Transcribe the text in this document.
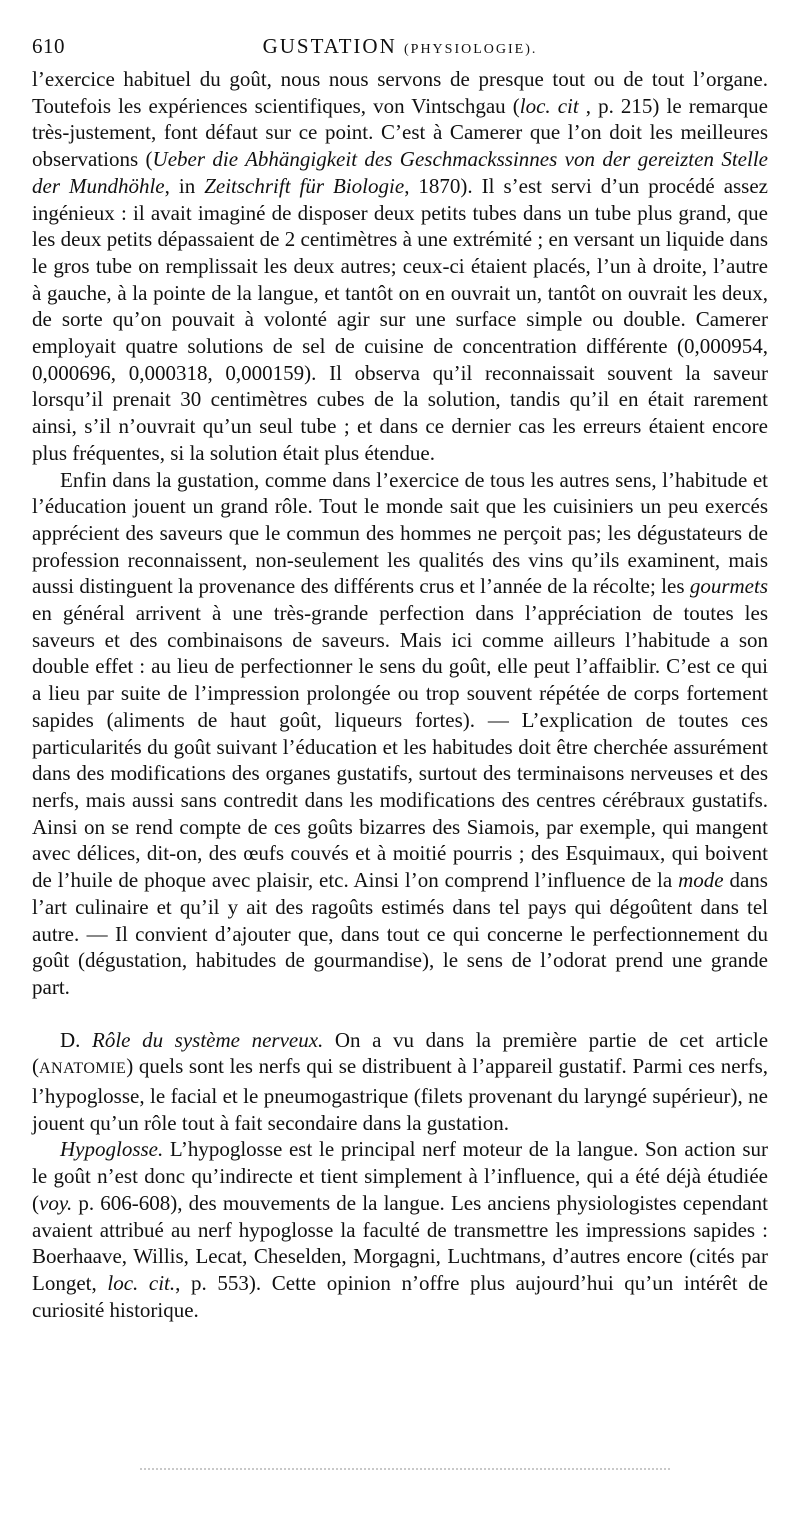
610	GUSTATION (PHYSIOLOGIE).

l’exercice habituel du goût, nous nous servons de presque tout ou de tout l’organe. Toutefois les expériences scientifiques, von Vintschgau (loc. cit , p. 215) le remarque très-justement, font défaut sur ce point. C’est à Camerer que l’on doit les meilleures observations (Ueber die Abhängigkeit des Geschmackssinnes von der gereizten Stelle der Mundhöhle, in Zeitschrift für Biologie, 1870). Il s’est servi d’un procédé assez ingénieux : il avait imaginé de disposer deux petits tubes dans un tube plus grand, que les deux petits dépassaient de 2 centimètres à une extrémité ; en versant un liquide dans le gros tube on remplissait les deux autres; ceux-ci étaient placés, l’un à droite, l’autre à gauche, à la pointe de la langue, et tantôt on en ouvrait un, tantôt on ouvrait les deux, de sorte qu’on pouvait à volonté agir sur une surface simple ou double. Camerer employait quatre solutions de sel de cuisine de concentration différente (0,000954, 0,000696, 0,000318, 0,000159). Il observa qu’il reconnaissait souvent la saveur lorsqu’il prenait 30 centimètres cubes de la solution, tandis qu’il en était rarement ainsi, s’il n’ouvrait qu’un seul tube ; et dans ce dernier cas les erreurs étaient encore plus fréquentes, si la solution était plus étendue.

Enfin dans la gustation, comme dans l’exercice de tous les autres sens, l’habitude et l’éducation jouent un grand rôle. Tout le monde sait que les cuisiniers un peu exercés apprécient des saveurs que le commun des hommes ne perçoit pas; les dégustateurs de profession reconnaissent, non-seulement les qualités des vins qu’ils examinent, mais aussi distinguent la provenance des différents crus et l’année de la récolte; les gourmets en général arrivent à une très-grande perfection dans l’appréciation de toutes les saveurs et des combinaisons de saveurs. Mais ici comme ailleurs l’habitude a son double effet : au lieu de perfectionner le sens du goût, elle peut l’affaiblir. C’est ce qui a lieu par suite de l’impression prolongée ou trop souvent répétée de corps fortement sapides (aliments de haut goût, liqueurs fortes). — L’explication de toutes ces particularités du goût suivant l’éducation et les habitudes doit être cherchée assurément dans des modifications des organes gustatifs, surtout des terminaisons nerveuses et des nerfs, mais aussi sans contredit dans les modifications des centres cérébraux gustatifs. Ainsi on se rend compte de ces goûts bizarres des Siamois, par exemple, qui mangent avec délices, dit-on, des œufs couvés et à moitié pourris ; des Esquimaux, qui boivent de l’huile de phoque avec plaisir, etc. Ainsi l’on comprend l’influence de la mode dans l’art culinaire et qu’il y ait des ragoûts estimés dans tel pays qui dégoûtent dans tel autre. — Il convient d’ajouter que, dans tout ce qui concerne le perfectionnement du goût (dégustation, habitudes de gourmandise), le sens de l’odorat prend une grande part.

D. Rôle du système nerveux. On a vu dans la première partie de cet article (ANATOMIE) quels sont les nerfs qui se distribuent à l’appareil gustatif. Parmi ces nerfs, l’hypoglosse, le facial et le pneumogastrique (filets provenant du laryngé supérieur), ne jouent qu’un rôle tout à fait secondaire dans la gustation.

Hypoglosse. L’hypoglosse est le principal nerf moteur de la langue. Son action sur le goût n’est donc qu’indirecte et tient simplement à l’influence, qui a été déjà étudiée (voy. p. 606-608), des mouvements de la langue. Les anciens physiologistes cependant avaient attribué au nerf hypoglosse la faculté de transmettre les impressions sapides : Boerhaave, Willis, Lecat, Cheselden, Morgagni, Luchtmans, d’autres encore (cités par Longet, loc. cit., p. 553). Cette opinion n’offre plus aujourd’hui qu’un intérêt de curiosité historique.
